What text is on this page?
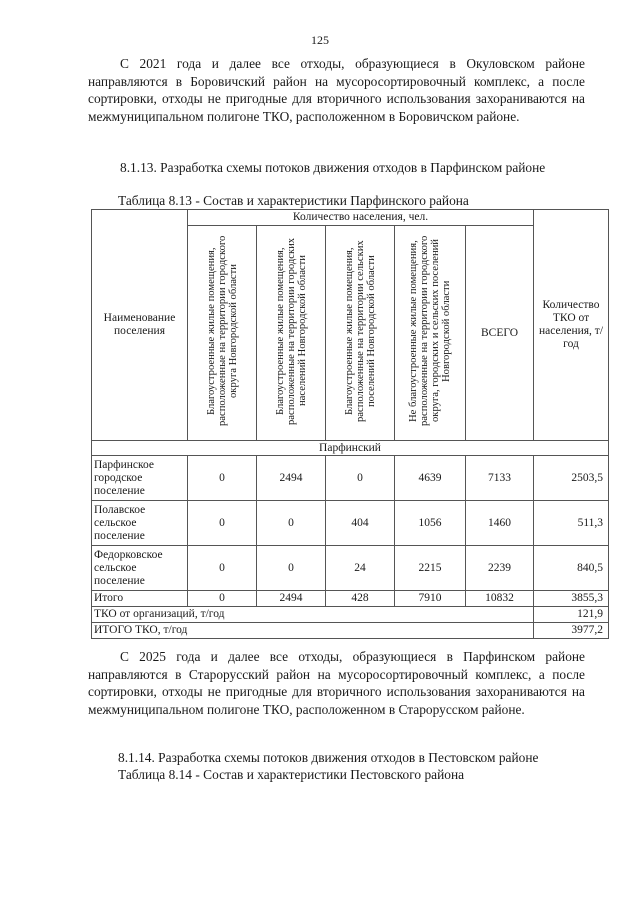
125

С 2021 года и далее все отходы, образующиеся в Окуловском районе направляются в Боровичский район на мусоросортировочный комплекс, а после сортировки, отходы не пригодные для вторичного использования захораниваются на межмуниципальном полигоне ТКО, расположенном в Боровичском районе.

8.1.13. Разработка схемы потоков движения отходов в Парфинском районе

Таблица 8.13 - Состав и характеристики Парфинского района
Наименование поселения	Количество населения, чел.					Количество ТКО от населения, т/год
	Благоустроенные жилые помещения, расположенные на территории городского округа Новгородской области	Благоустроенные жилые помещения, расположенные на территории городских населений Новгородской области	Благоустроенные жилые помещения, расположенные на территории сельских поселений Новгородской области	Не благоустроенные жилые помещения, расположенные на территории городского округа, городских и сельских поселений Новгородской области	ВСЕГО	
Парфинский						
Парфинское городское поселение	0	2494	0	4639	7133	2503,5
Полавское сельское поселение	0	0	404	1056	1460	511,3
Федорковское сельское поселение	0	0	24	2215	2239	840,5
Итого	0	2494	428	7910	10832	3855,3
ТКО от организаций, т/год						121,9
ИТОГО ТКО, т/год						3977,2

С 2025 года и далее все отходы, образующиеся в Парфинском районе направляются в Старорусский район на мусоросортировочный комплекс, а после сортировки, отходы не пригодные для вторичного использования захораниваются на межмуниципальном полигоне ТКО, расположенном в Старорусском районе.

8.1.14. Разработка схемы потоков движения отходов в Пестовском районе
Таблица 8.14 - Состав и характеристики Пестовского района
